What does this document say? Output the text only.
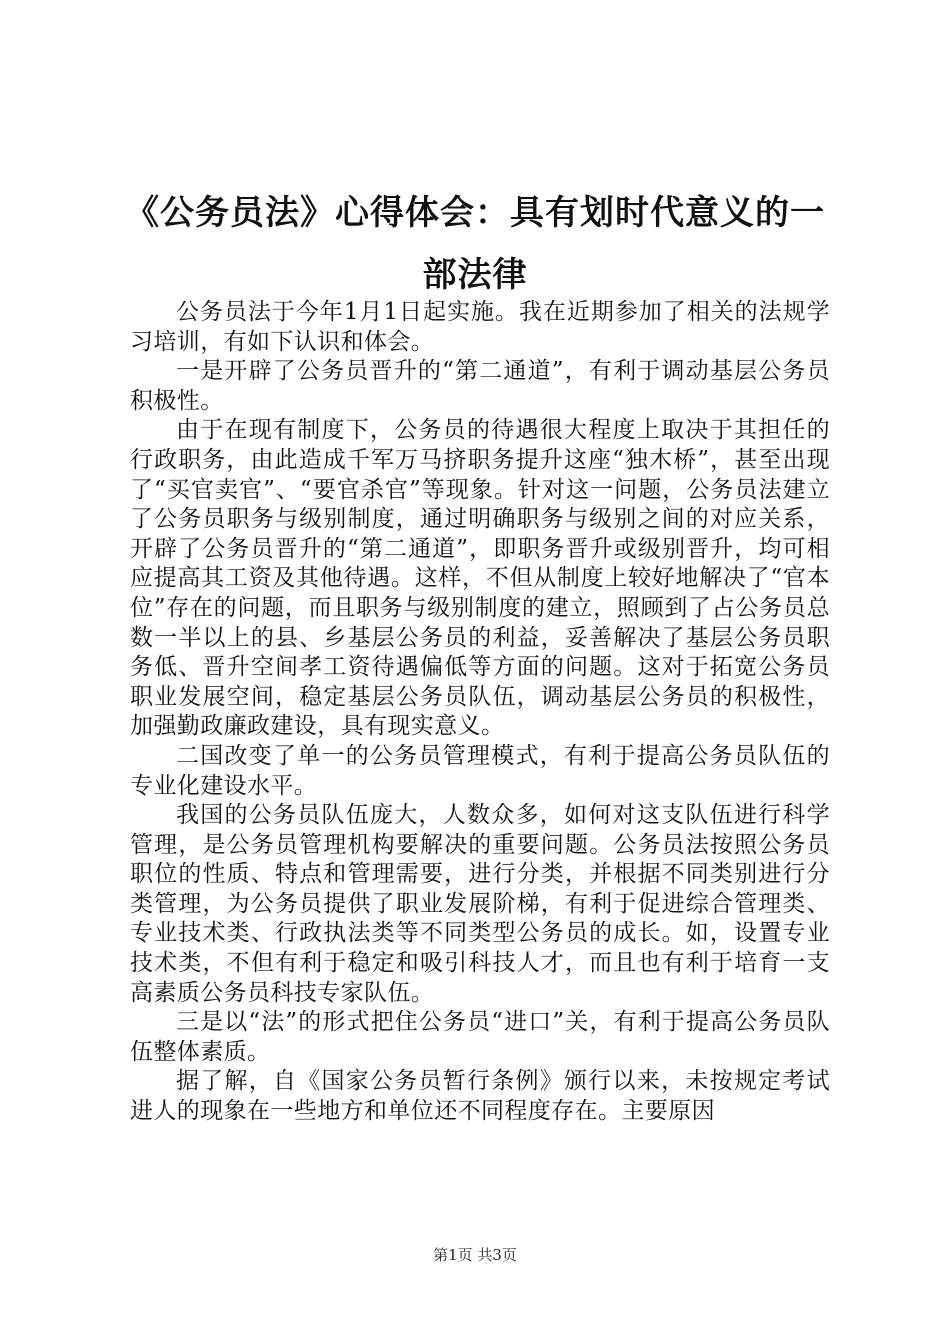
《公务员法》心得体会：具有划时代意义的一部法律

公务员法于今年1月1日起实施。我在近期参加了相关的法规学习培训，有如下认识和体会。

一是开辟了公务员晋升的“第二通道”，有利于调动基层公务员积极性。

由于在现有制度下，公务员的待遇很大程度上取决于其担任的行政职务，由此造成千军万马挤职务提升这座“独木桥”，甚至出现了“买官卖官”、“要官杀官”等现象。针对这一问题，公务员法建立了公务员职务与级别制度，通过明确职务与级别之间的对应关系，开辟了公务员晋升的“第二通道”，即职务晋升或级别晋升，均可相应提高其工资及其他待遇。这样，不但从制度上较好地解决了“官本位”存在的问题，而且职务与级别制度的建立，照顾到了占公务员总数一半以上的县、乡基层公务员的利益，妥善解决了基层公务员职务低、晋升空间孝工资待遇偏低等方面的问题。这对于拓宽公务员职业发展空间，稳定基层公务员队伍，调动基层公务员的积极性，加强勤政廉政建设，具有现实意义。

二国改变了单一的公务员管理模式，有利于提高公务员队伍的专业化建设水平。

我国的公务员队伍庞大，人数众多，如何对这支队伍进行科学管理，是公务员管理机构要解决的重要问题。公务员法按照公务员职位的性质、特点和管理需要，进行分类，并根据不同类别进行分类管理，为公务员提供了职业发展阶梯，有利于促进综合管理类、专业技术类、行政执法类等不同类型公务员的成长。如，设置专业技术类，不但有利于稳定和吸引科技人才，而且也有利于培育一支高素质公务员科技专家队伍。

三是以“法”的形式把住公务员“进口”关，有利于提高公务员队伍整体素质。

据了解，自《国家公务员暂行条例》颁行以来，未按规定考试进人的现象在一些地方和单位还不同程度存在。主要原因

第1页 共3页
